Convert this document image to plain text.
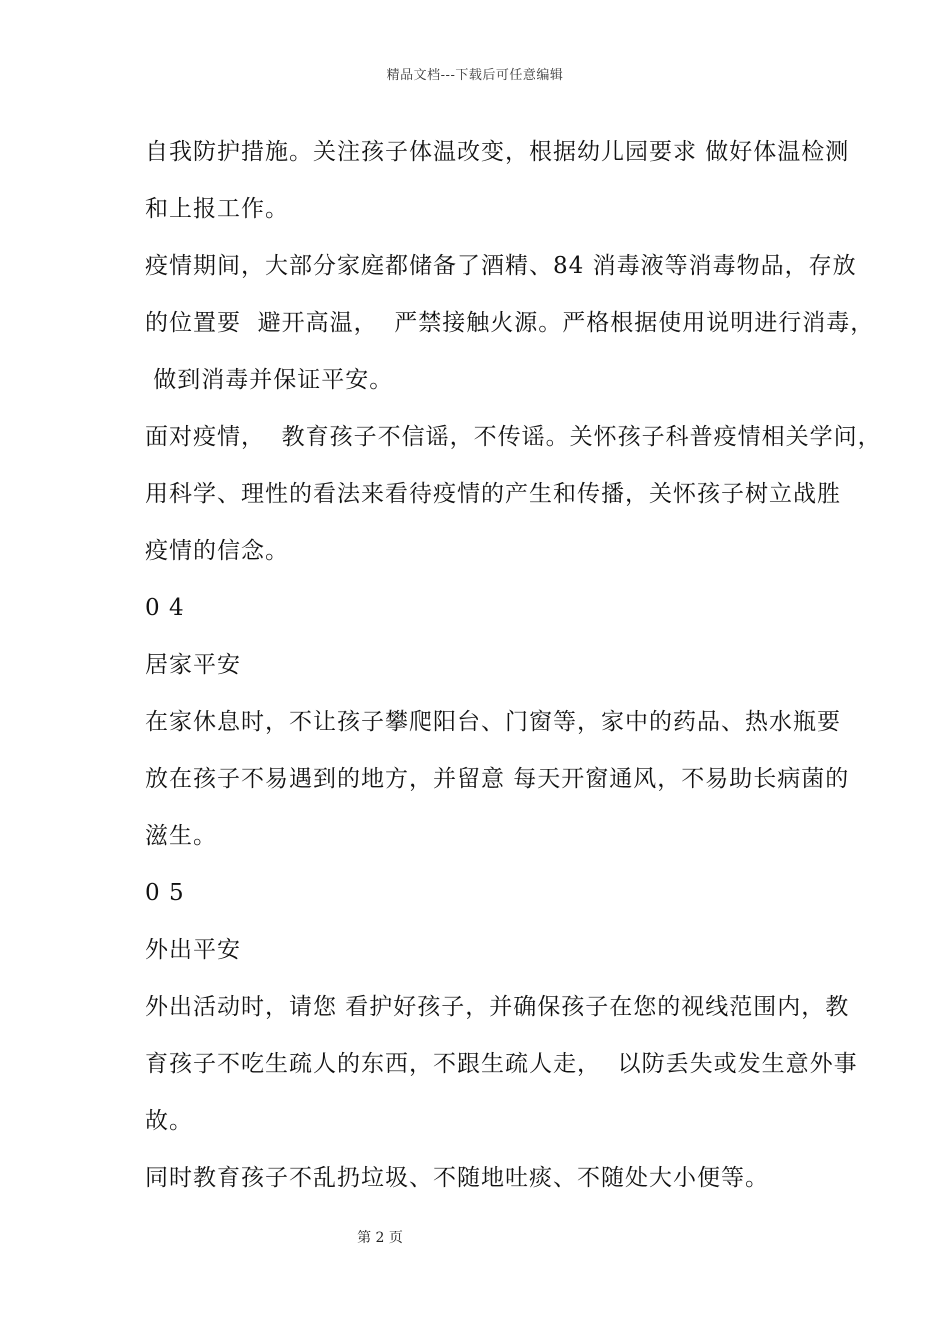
精品文档---下载后可任意编辑
自我防护措施。关注孩子体温改变，根据幼儿园要求 做好体温检测
和上报工作。
疫情期间，大部分家庭都储备了酒精、84 消毒液等消毒物品，存放
的位置要  避开高温，  严禁接触火源。严格根据使用说明进行消毒，
做到消毒并保证平安。
面对疫情，  教育孩子不信谣，不传谣。关怀孩子科普疫情相关学问，
用科学、理性的看法来看待疫情的产生和传播，关怀孩子树立战胜
疫情的信念。
0 4
居家平安
在家休息时，不让孩子攀爬阳台、门窗等，家中的药品、热水瓶要
放在孩子不易遇到的地方，并留意 每天开窗通风，不易助长病菌的
滋生。
0 5
外出平安
外出活动时，请您 看护好孩子，并确保孩子在您的视线范围内，教
育孩子不吃生疏人的东西，不跟生疏人走，  以防丢失或发生意外事
故。
同时教育孩子不乱扔垃圾、不随地吐痰、不随处大小便等。
第 2 页
